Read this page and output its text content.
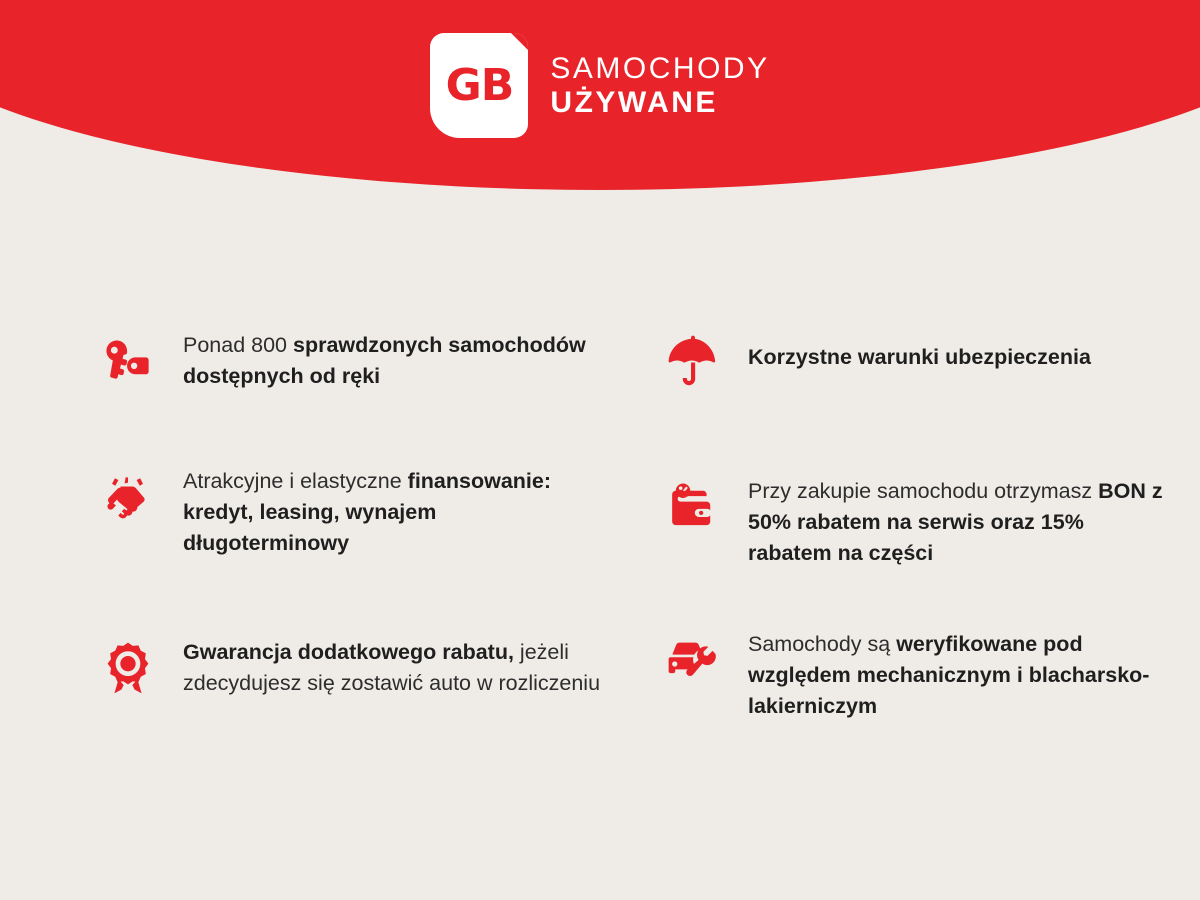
GB SAMOCHODY
UŻYWANE
Ponad 800 sprawdzonych samochodów dostępnych od ręki
Atrakcyjne i elastyczne finansowanie: kredyt, leasing, wynajem długoterminowy
Gwarancja dodatkowego rabatu, jeżeli zdecydujesz się zostawić auto w rozliczeniu
Korzystne warunki ubezpieczenia
Przy zakupie samochodu otrzymasz BON z 50% rabatem na serwis oraz 15% rabatem na części
Samochody są weryfikowane pod względem mechanicznym i blacharsko-lakierniczym
